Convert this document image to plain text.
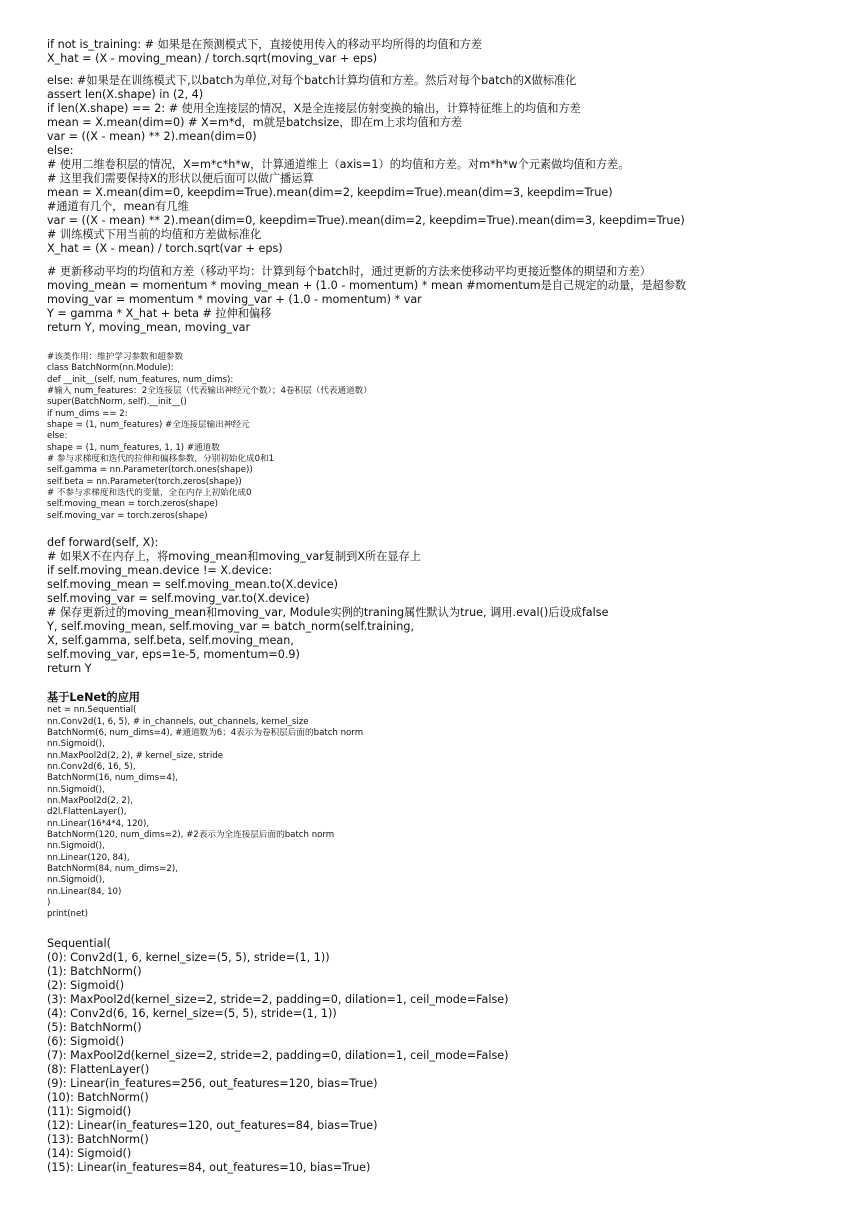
if not is_training: # 如果是在预测模式下，直接使用传入的移动平均所得的均值和方差
X_hat = (X - moving_mean) / torch.sqrt(moving_var + eps)
else: #如果是在训练模式下,以batch为单位,对每个batch计算均值和方差。然后对每个batch的X做标准化
assert len(X.shape) in (2, 4)
if len(X.shape) == 2: # 使用全连接层的情况，X是全连接层仿射变换的输出，计算特征维上的均值和方差
mean = X.mean(dim=0) # X=m*d，m就是batchsize，即在m上求均值和方差
var = ((X - mean) ** 2).mean(dim=0)
else:
# 使用二维卷积层的情况，X=m*c*h*w，计算通道维上（axis=1）的均值和方差。对m*h*w个元素做均值和方差。
# 这里我们需要保持X的形状以便后面可以做广播运算
mean = X.mean(dim=0, keepdim=True).mean(dim=2, keepdim=True).mean(dim=3, keepdim=True)
#通道有几个，mean有几维
var = ((X - mean) ** 2).mean(dim=0, keepdim=True).mean(dim=2, keepdim=True).mean(dim=3, keepdim=True)
# 训练模式下用当前的均值和方差做标准化
X_hat = (X - mean) / torch.sqrt(var + eps)
# 更新移动平均的均值和方差（移动平均：计算到每个batch时，通过更新的方法来使移动平均更接近整体的期望和方差）
moving_mean = momentum * moving_mean + (1.0 - momentum) * mean #momentum是自己规定的动量，是超参数
moving_var = momentum * moving_var + (1.0 - momentum) * var
Y = gamma * X_hat + beta # 拉伸和偏移
return Y, moving_mean, moving_var
#该类作用：维护学习参数和超参数
class BatchNorm(nn.Module):
def __init__(self, num_features, num_dims):
#输入 num_features：2全连接层（代表输出神经元个数）；4卷积层（代表通道数）
super(BatchNorm, self).__init__()
if num_dims == 2:
shape = (1, num_features) #全连接层输出神经元
else:
shape = (1, num_features, 1, 1) #通道数
# 参与求梯度和迭代的拉伸和偏移参数，分别初始化成0和1
self.gamma = nn.Parameter(torch.ones(shape))
self.beta = nn.Parameter(torch.zeros(shape))
# 不参与求梯度和迭代的变量，全在内存上初始化成0
self.moving_mean = torch.zeros(shape)
self.moving_var = torch.zeros(shape)
def forward(self, X):
# 如果X不在内存上，将moving_mean和moving_var复制到X所在显存上
if self.moving_mean.device != X.device:
self.moving_mean = self.moving_mean.to(X.device)
self.moving_var = self.moving_var.to(X.device)
# 保存更新过的moving_mean和moving_var, Module实例的traning属性默认为true, 调用.eval()后设成false
Y, self.moving_mean, self.moving_var = batch_norm(self.training,
X, self.gamma, self.beta, self.moving_mean,
self.moving_var, eps=1e-5, momentum=0.9)
return Y
基于LeNet的应用
net = nn.Sequential(
nn.Conv2d(1, 6, 5), # in_channels, out_channels, kernel_size
BatchNorm(6, num_dims=4), #通道数为6；4表示为卷积层后面的batch norm
nn.Sigmoid(),
nn.MaxPool2d(2, 2), # kernel_size, stride
nn.Conv2d(6, 16, 5),
BatchNorm(16, num_dims=4),
nn.Sigmoid(),
nn.MaxPool2d(2, 2),
d2l.FlattenLayer(),
nn.Linear(16*4*4, 120),
BatchNorm(120, num_dims=2), #2表示为全连接层后面的batch norm
nn.Sigmoid(),
nn.Linear(120, 84),
BatchNorm(84, num_dims=2),
nn.Sigmoid(),
nn.Linear(84, 10)
)
print(net)
Sequential(
(0): Conv2d(1, 6, kernel_size=(5, 5), stride=(1, 1))
(1): BatchNorm()
(2): Sigmoid()
(3): MaxPool2d(kernel_size=2, stride=2, padding=0, dilation=1, ceil_mode=False)
(4): Conv2d(6, 16, kernel_size=(5, 5), stride=(1, 1))
(5): BatchNorm()
(6): Sigmoid()
(7): MaxPool2d(kernel_size=2, stride=2, padding=0, dilation=1, ceil_mode=False)
(8): FlattenLayer()
(9): Linear(in_features=256, out_features=120, bias=True)
(10): BatchNorm()
(11): Sigmoid()
(12): Linear(in_features=120, out_features=84, bias=True)
(13): BatchNorm()
(14): Sigmoid()
(15): Linear(in_features=84, out_features=10, bias=True)
